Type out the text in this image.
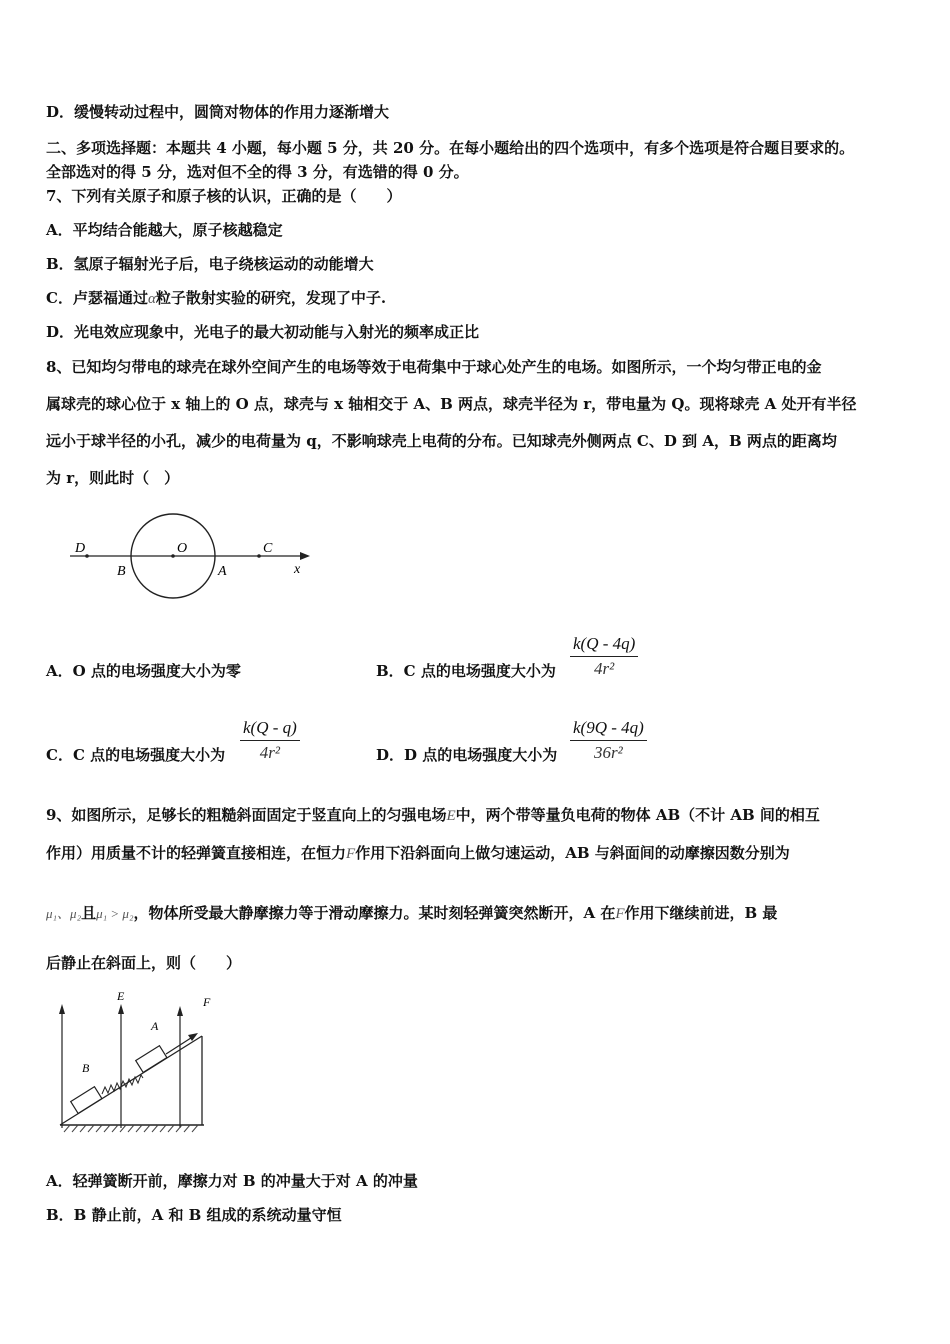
D．缓慢转动过程中，圆筒对物体的作用力逐渐增大
二、多项选择题：本题共 4 小题，每小题 5 分，共 20 分。在每小题给出的四个选项中，有多个选项是符合题目要求的。
全部选对的得 5 分，选对但不全的得 3 分，有选错的得 0 分。
7、下列有关原子和原子核的认识，正确的是（　　）
A．平均结合能越大，原子核越稳定
B．氢原子辐射光子后，电子绕核运动的动能增大
C．卢瑟福通过α粒子散射实验的研究，发现了中子.
D．光电效应现象中，光电子的最大初动能与入射光的频率成正比
8、已知均匀带电的球壳在球外空间产生的电场等效于电荷集中于球心处产生的电场。如图所示，一个均匀带正电的金
属球壳的球心位于 x 轴上的 O 点，球壳与 x 轴相交于 A、B 两点，球壳半径为 r，带电量为 Q。现将球壳 A 处开有半径
远小于球半径的小孔，减少的电荷量为 q，不影响球壳上电荷的分布。已知球壳外侧两点 C、D 到 A，B 两点的距离均
为 r，则此时（　）
D	O	C
B	A	x
A．O 点的电场强度大小为零	B．C 点的电场强度大小为 $\frac{k(Q - 4q)}{\text{4r²}}$
C．C 点的电场强度大小为 $\frac{k(Q - q)}{\text{4r²}}$	D．D 点的电场强度大小为 $\frac{k(9Q - 4q)}{\text{36r²}}$
9、如图所示，足够长的粗糙斜面固定于竖直向上的匀强电场E中，两个带等量负电荷的物体 AB（不计 AB 间的相互
作用）用质量不计的轻弹簧直接相连，在恒力F作用下沿斜面向上做匀速运动，AB 与斜面间的动摩擦因数分别为
μ₁、μ₂且μ₁ > μ₂，物体所受最大静摩擦力等于滑动摩擦力。某时刻轻弹簧突然断开，A 在F作用下继续前进，B 最
后静止在斜面上，则（　　）
E	F
A
B
A．轻弹簧断开前，摩擦力对 B 的冲量大于对 A 的冲量
B．B 静止前，A 和 B 组成的系统动量守恒
